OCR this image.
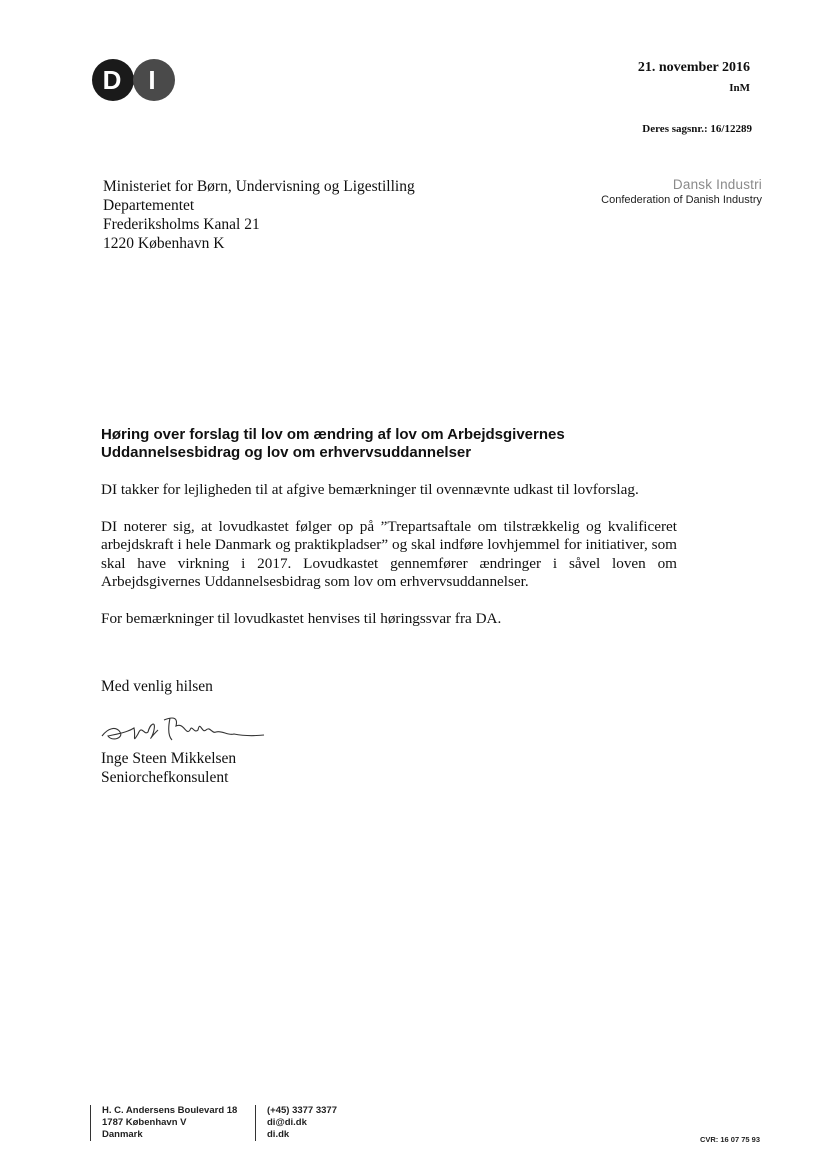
D	I	21. november 2016
InM
Deres sagsnr.: 16/12289
Ministeriet for Børn, Undervisning og Ligestilling
Departementet
Frederiksholms Kanal 21
1220 København K
Dansk Industri
Confederation of Danish Industry
Høring over forslag til lov om ændring af lov om Arbejdsgivernes
Uddannelsesbidrag og lov om erhvervsuddannelser

DI takker for lejligheden til at afgive bemærkninger til ovennævnte udkast til lovforslag.

DI noterer sig, at lovudkastet følger op på ”Trepartsaftale om tilstrækkelig og kvalificeret arbejdskraft i hele Danmark og praktikpladser” og skal indføre lovhjemmel for initiativer, som skal have virkning i 2017. Lovudkastet gennemfører ændringer i såvel loven om Arbejdsgivernes Uddannelsesbidrag som lov om erhvervsuddannelser.

For bemærkninger til lovudkastet henvises til høringssvar fra DA.

Med venlig hilsen
Inge Steen Mikkelsen
Seniorchefkonsulent
H. C. Andersens Boulevard 18
1787 København V
Danmark
(+45) 3377 3377
di@di.dk
di.dk	CVR: 16 07 75 93
